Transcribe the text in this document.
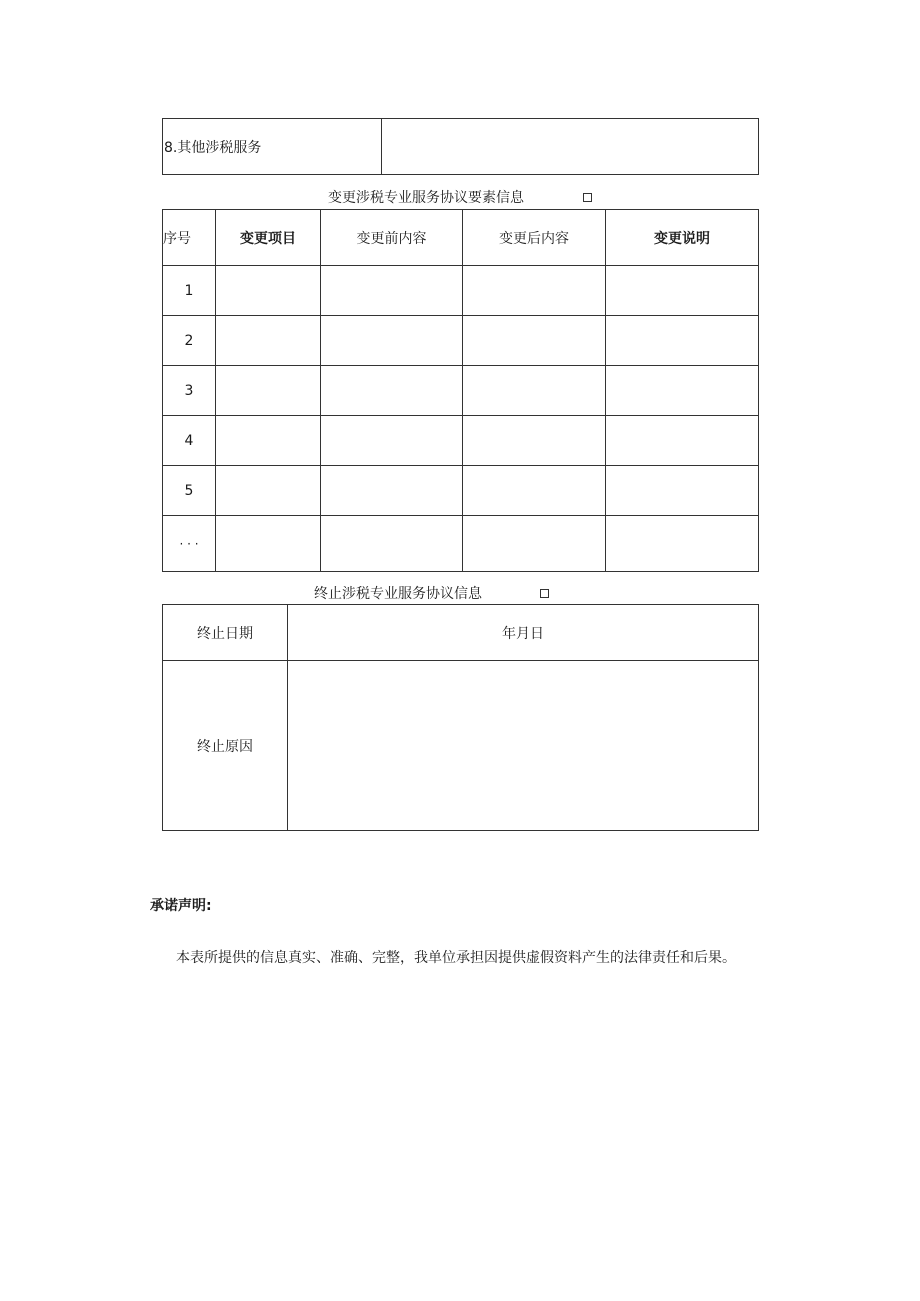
8.其他涉税服务	
变更涉税专业服务协议要素信息
序号	变更项目	变更前内容	变更后内容	变更说明
1				
2				
3				
4				
5				
· · ·				
终止涉税专业服务协议信息
终止日期	年月日
终止原因	
承诺声明:
本表所提供的信息真实、准确、完整，我单位承担因提供虚假资料产生的法律责任和后果。
